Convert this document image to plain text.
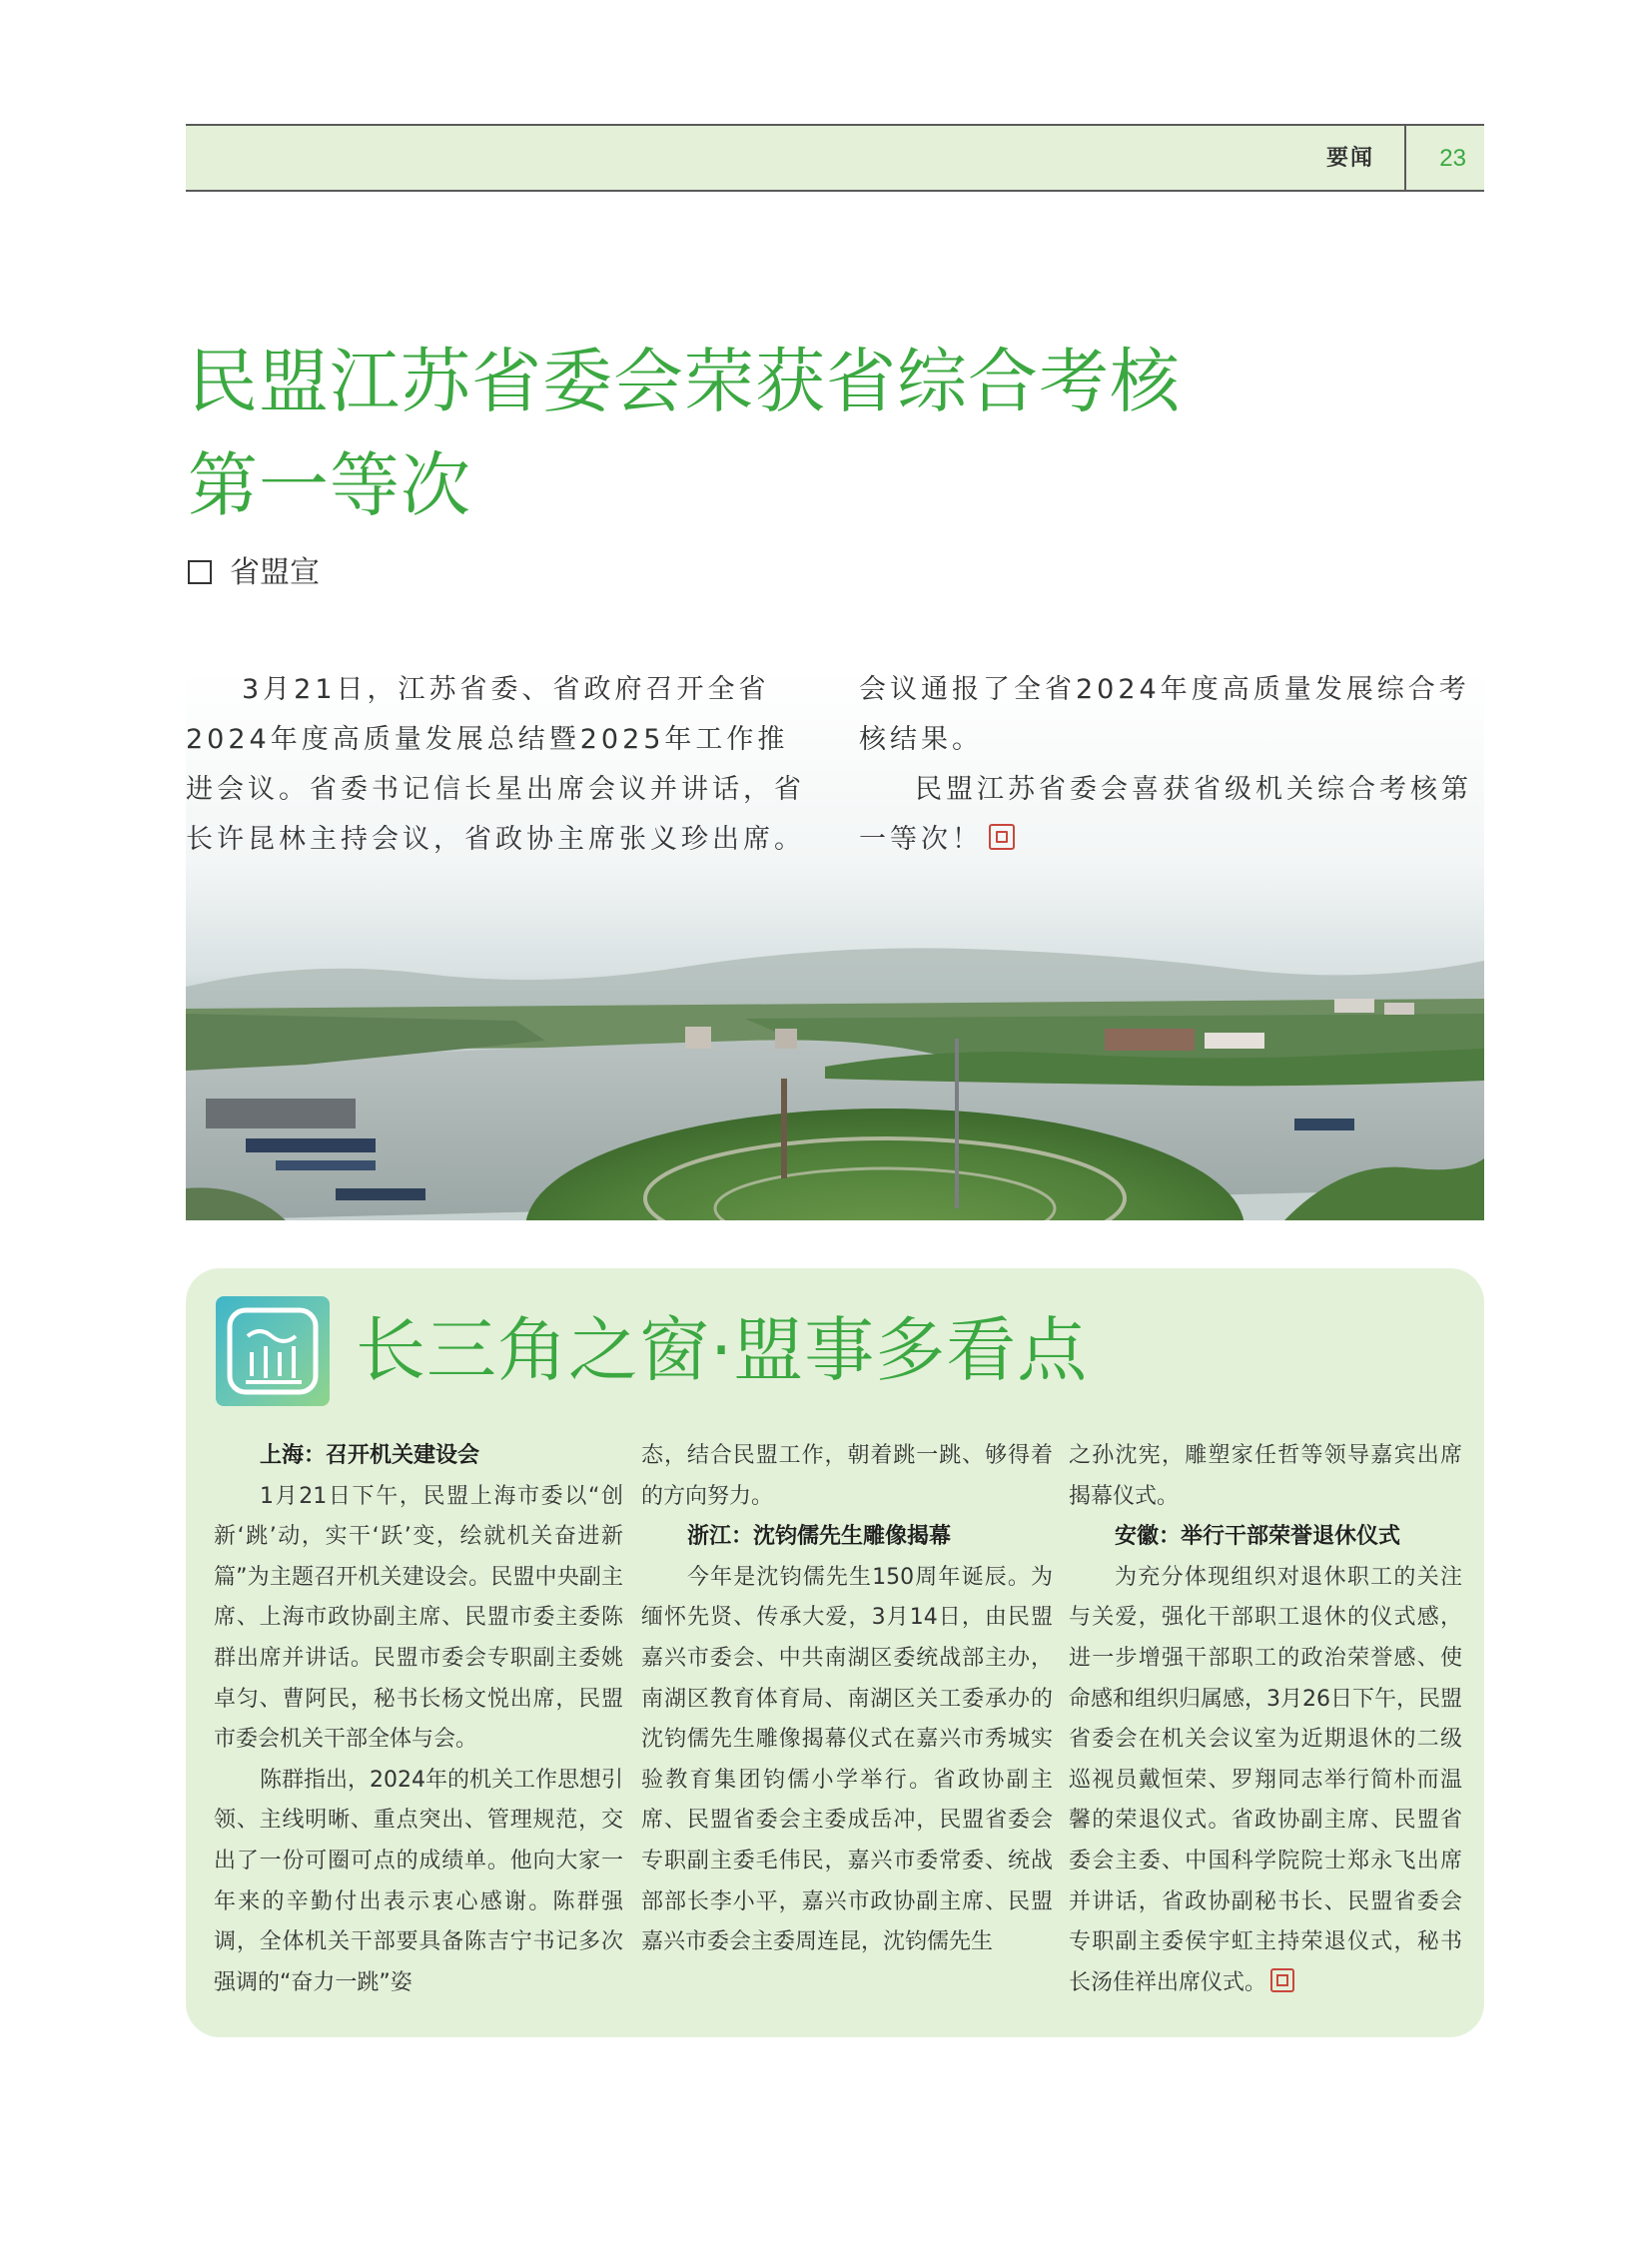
要闻	23
民盟江苏省委会荣获省综合考核
第一等次
省盟宣

3月21日，江苏省委、省政府召开全省2024年度高质量发展总结暨2025年工作推进会议。省委书记信长星出席会议并讲话，省长许昆林主持会议，省政协主席张义珍出席。

会议通报了全省2024年度高质量发展综合考核结果。

民盟江苏省委会喜获省级机关综合考核第一等次！

长三角之窗·盟事多看点

上海：召开机关建设会

1月21日下午，民盟上海市委以“创新‘跳’动，实干‘跃’变，绘就机关奋进新篇”为主题召开机关建设会。民盟中央副主席、上海市政协副主席、民盟市委主委陈群出席并讲话。民盟市委会专职副主委姚卓匀、曹阿民，秘书长杨文悦出席，民盟市委会机关干部全体与会。

陈群指出，2024年的机关工作思想引领、主线明晰、重点突出、管理规范，交出了一份可圈可点的成绩单。他向大家一年来的辛勤付出表示衷心感谢。陈群强调，全体机关干部要具备陈吉宁书记多次强调的“奋力一跳”姿

态，结合民盟工作，朝着跳一跳、够得着的方向努力。

浙江：沈钧儒先生雕像揭幕

今年是沈钧儒先生150周年诞辰。为缅怀先贤、传承大爱，3月14日，由民盟嘉兴市委会、中共南湖区委统战部主办，南湖区教育体育局、南湖区关工委承办的沈钧儒先生雕像揭幕仪式在嘉兴市秀城实验教育集团钧儒小学举行。省政协副主席、民盟省委会主委成岳冲，民盟省委会专职副主委毛伟民，嘉兴市委常委、统战部部长李小平，嘉兴市政协副主席、民盟嘉兴市委会主委周连昆，沈钧儒先生

之孙沈宪，雕塑家任哲等领导嘉宾出席揭幕仪式。

安徽：举行干部荣誉退休仪式

为充分体现组织对退休职工的关注与关爱，强化干部职工退休的仪式感，进一步增强干部职工的政治荣誉感、使命感和组织归属感，3月26日下午，民盟省委会在机关会议室为近期退休的二级巡视员戴恒荣、罗翔同志举行简朴而温馨的荣退仪式。省政协副主席、民盟省委会主委、中国科学院院士郑永飞出席并讲话，省政协副秘书长、民盟省委会专职副主委侯宇虹主持荣退仪式，秘书长汤佳祥出席仪式。
